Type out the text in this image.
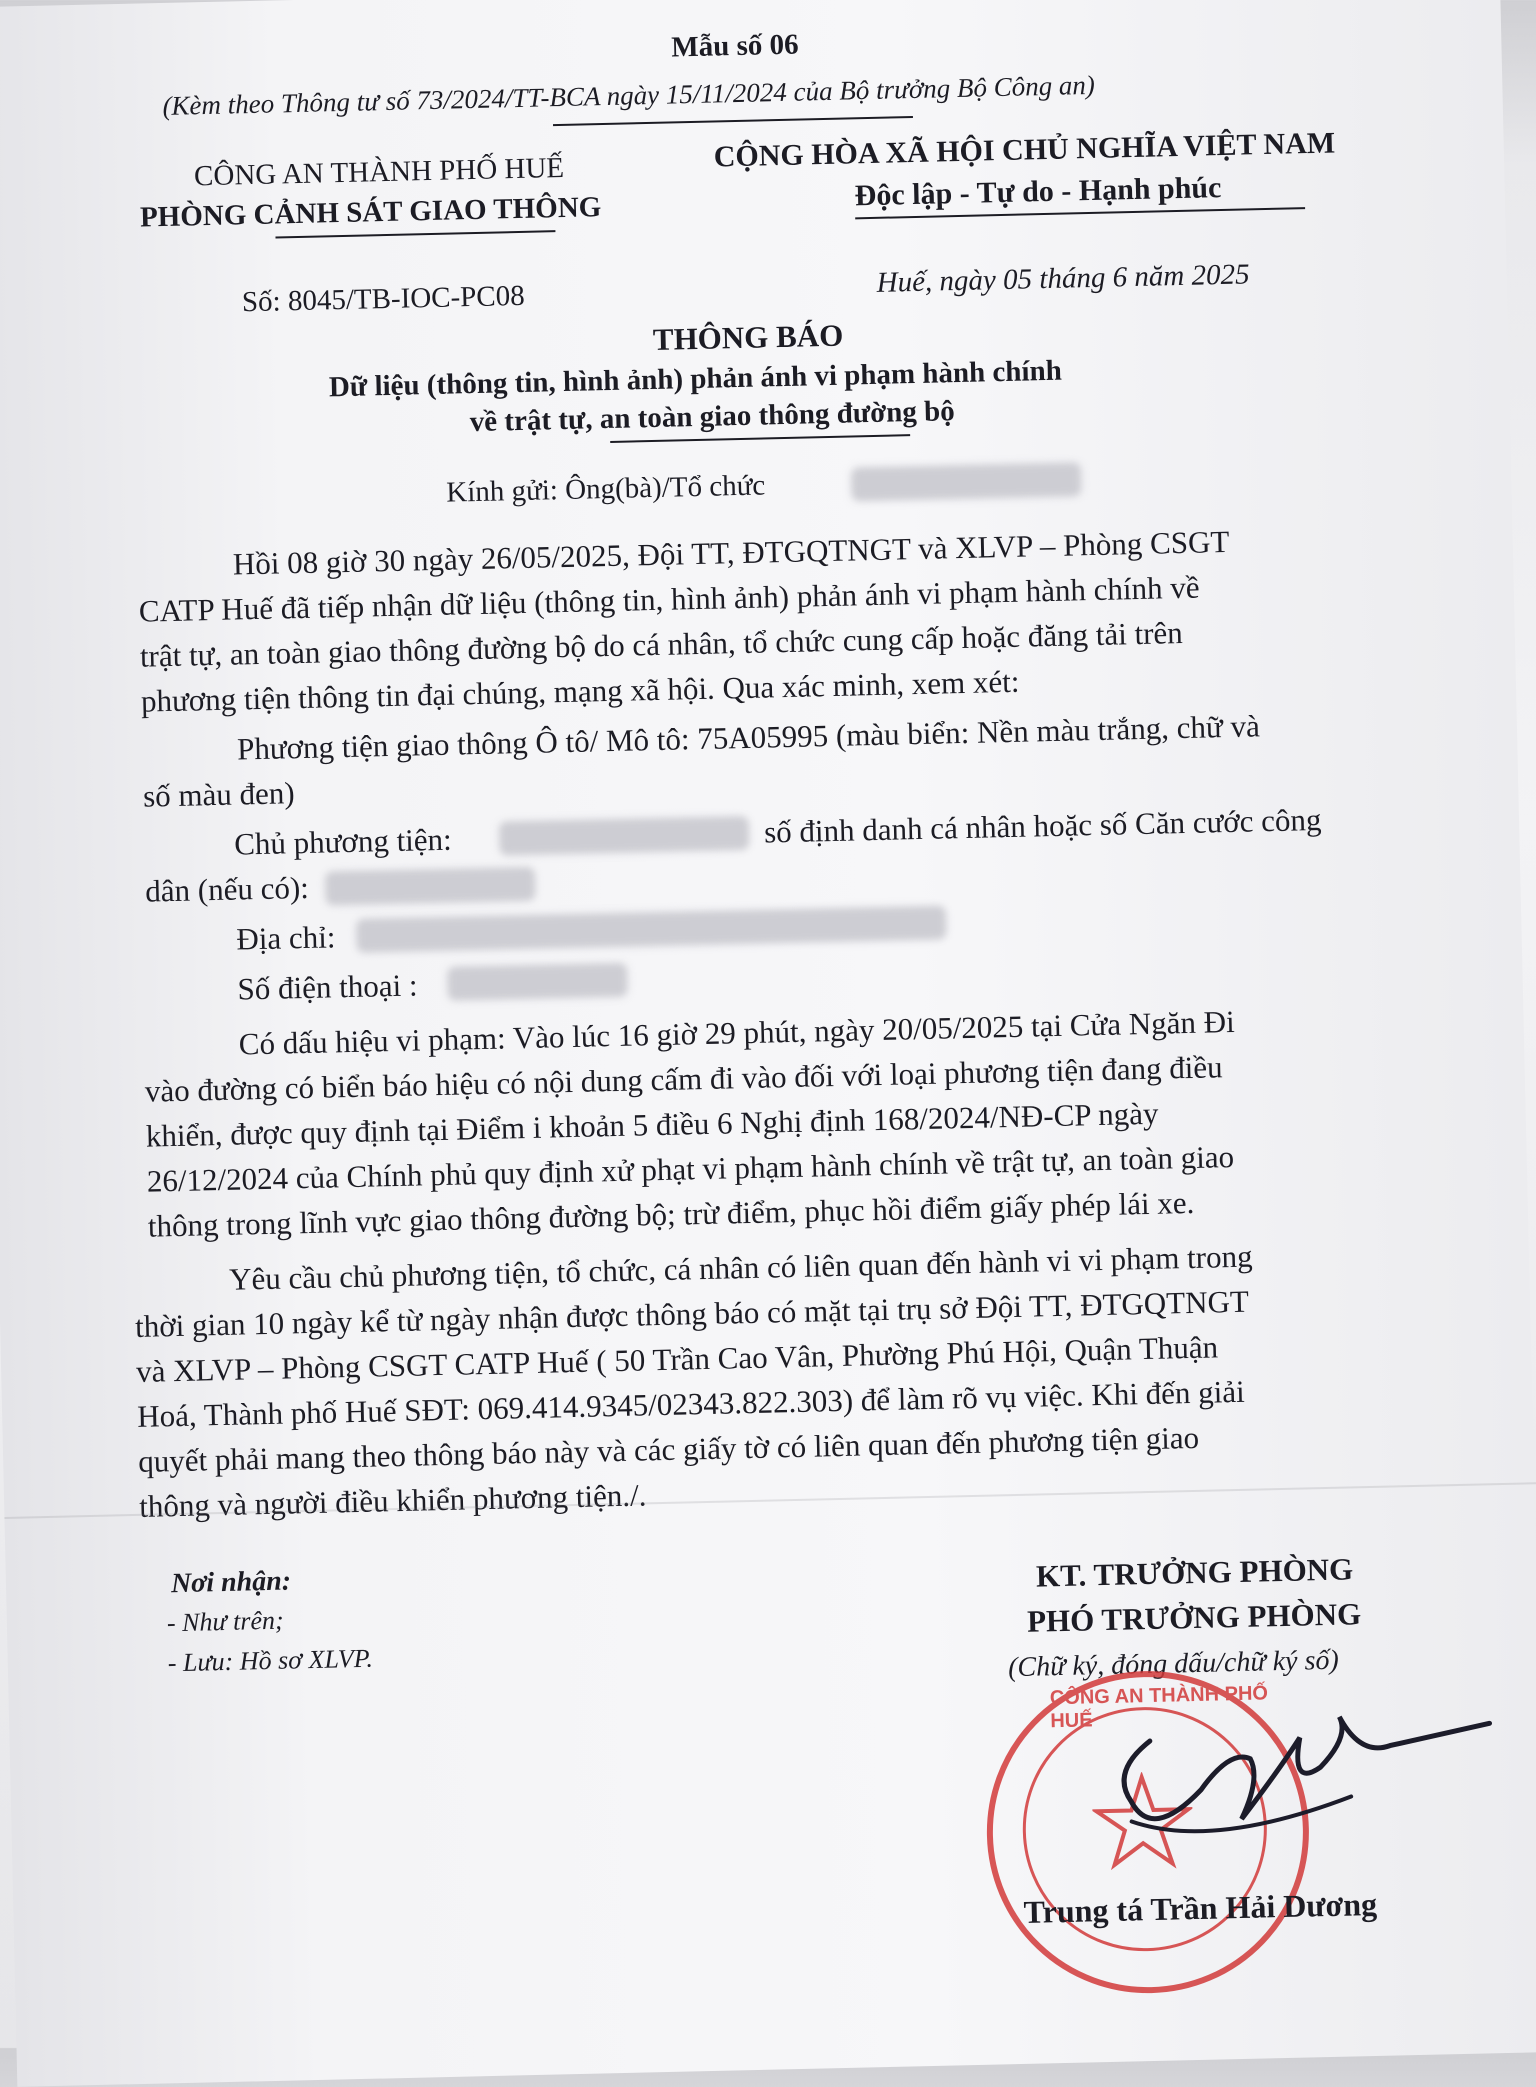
Mẫu số 06
(Kèm theo Thông tư số 73/2024/TT-BCA ngày 15/11/2024 của Bộ trưởng Bộ Công an)
CÔNG AN THÀNH PHỐ HUẾ
PHÒNG CẢNH SÁT GIAO THÔNG
CỘNG HÒA XÃ HỘI CHỦ NGHĨA VIỆT NAM
Độc lập - Tự do - Hạnh phúc
Số: 8045/TB-IOC-PC08
Huế, ngày 05 tháng 6 năm 2025
THÔNG BÁO
Dữ liệu (thông tin, hình ảnh) phản ánh vi phạm hành chính
về trật tự, an toàn giao thông đường bộ
Kính gửi: Ông(bà)/Tổ chức
Hồi 08 giờ 30 ngày 26/05/2025, Đội TT, ĐTGQTNGT và XLVP – Phòng CSGT
CATP Huế đã tiếp nhận dữ liệu (thông tin, hình ảnh) phản ánh vi phạm hành chính về
trật tự, an toàn giao thông đường bộ do cá nhân, tổ chức cung cấp hoặc đăng tải trên
phương tiện thông tin đại chúng, mạng xã hội. Qua xác minh, xem xét:
Phương tiện giao thông Ô tô/ Mô tô: 75A05995 (màu biển: Nền màu trắng, chữ và
số màu đen)
Chủ phương tiện:	số định danh cá nhân hoặc số Căn cước công
dân (nếu có):
Địa chỉ:
Số điện thoại :
Có dấu hiệu vi phạm: Vào lúc 16 giờ 29 phút, ngày 20/05/2025 tại Cửa Ngăn Đi
vào đường có biển báo hiệu có nội dung cấm đi vào đối với loại phương tiện đang điều
khiển, được quy định tại Điểm i khoản 5 điều 6 Nghị định 168/2024/NĐ-CP ngày
26/12/2024 của Chính phủ quy định xử phạt vi phạm hành chính về trật tự, an toàn giao
thông trong lĩnh vực giao thông đường bộ; trừ điểm, phục hồi điểm giấy phép lái xe.
Yêu cầu chủ phương tiện, tổ chức, cá nhân có liên quan đến hành vi vi phạm trong
thời gian 10 ngày kể từ ngày nhận được thông báo có mặt tại trụ sở Đội TT, ĐTGQTNGT
và XLVP – Phòng CSGT CATP Huế ( 50 Trần Cao Vân, Phường Phú Hội, Quận Thuận
Hoá, Thành phố Huế SĐT: 069.414.9345/02343.822.303) để làm rõ vụ việc. Khi đến giải
quyết phải mang theo thông báo này và các giấy tờ có liên quan đến phương tiện giao
thông và người điều khiển phương tiện./.
Nơi nhận:
- Như trên;
- Lưu: Hồ sơ XLVP.
KT. TRƯỞNG PHÒNG
PHÓ TRƯỞNG PHÒNG
(Chữ ký, đóng dấu/chữ ký số)
CÔNG AN THÀNH PHỐ HUẾ
Trung tá Trần Hải Dương
